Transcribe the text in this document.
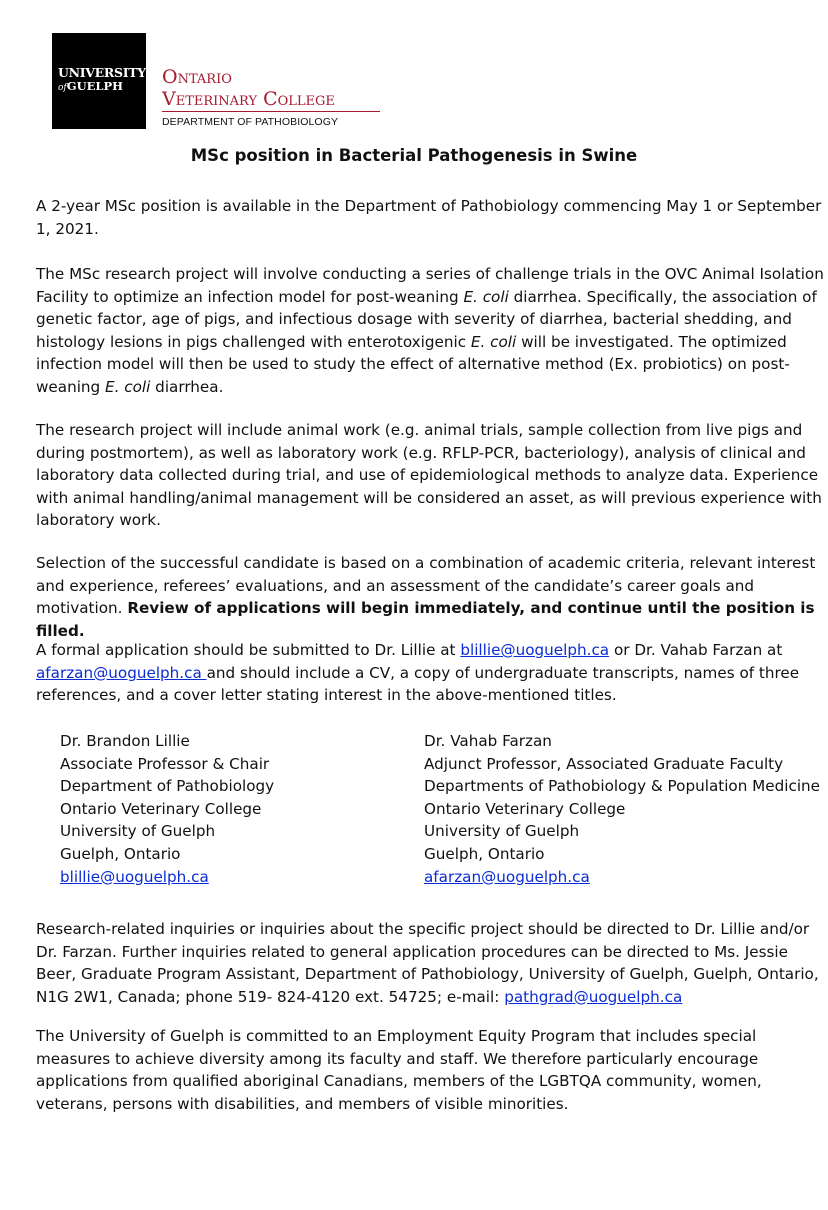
UNIVERSITY
ofGUELPH Ontario
Veterinary College
DEPARTMENT OF PATHOBIOLOGY
MSc position in Bacterial Pathogenesis in Swine

A 2-year MSc position is available in the Department of Pathobiology commencing May 1 or September 1, 2021.

The MSc research project will involve conducting a series of challenge trials in the OVC Animal Isolation Facility to optimize an infection model for post-weaning E. coli diarrhea. Specifically, the association of genetic factor, age of pigs, and infectious dosage with severity of diarrhea, bacterial shedding, and histology lesions in pigs challenged with enterotoxigenic E. coli will be investigated. The optimized infection model will then be used to study the effect of alternative method (Ex. probiotics) on post-weaning E. coli diarrhea.

The research project will include animal work (e.g. animal trials, sample collection from live pigs and during postmortem), as well as laboratory work (e.g. RFLP-PCR, bacteriology), analysis of clinical and laboratory data collected during trial, and use of epidemiological methods to analyze data. Experience with animal handling/animal management will be considered an asset, as will previous experience with laboratory work.

Selection of the successful candidate is based on a combination of academic criteria, relevant interest and experience, referees’ evaluations, and an assessment of the candidate’s career goals and motivation. Review of applications will begin immediately, and continue until the position is filled.

A formal application should be submitted to Dr. Lillie at blillie@uoguelph.ca or Dr. Vahab Farzan at afarzan@uoguelph.ca and should include a CV, a copy of undergraduate transcripts, names of three references, and a cover letter stating interest in the above-mentioned titles.

Dr. Brandon Lillie
Associate Professor & Chair
Department of Pathobiology
Ontario Veterinary College
University of Guelph
Guelph, Ontario
blillie@uoguelph.ca
Dr. Vahab Farzan
Adjunct Professor, Associated Graduate Faculty
Departments of Pathobiology & Population Medicine
Ontario Veterinary College
University of Guelph
Guelph, Ontario
afarzan@uoguelph.ca

Research-related inquiries or inquiries about the specific project should be directed to Dr. Lillie and/or Dr. Farzan. Further inquiries related to general application procedures can be directed to Ms. Jessie Beer, Graduate Program Assistant, Department of Pathobiology, University of Guelph, Guelph, Ontario, N1G 2W1, Canada; phone 519- 824-4120 ext. 54725; e-mail: pathgrad@uoguelph.ca

The University of Guelph is committed to an Employment Equity Program that includes special measures to achieve diversity among its faculty and staff. We therefore particularly encourage applications from qualified aboriginal Canadians, members of the LGBTQA community, women, veterans, persons with disabilities, and members of visible minorities.
